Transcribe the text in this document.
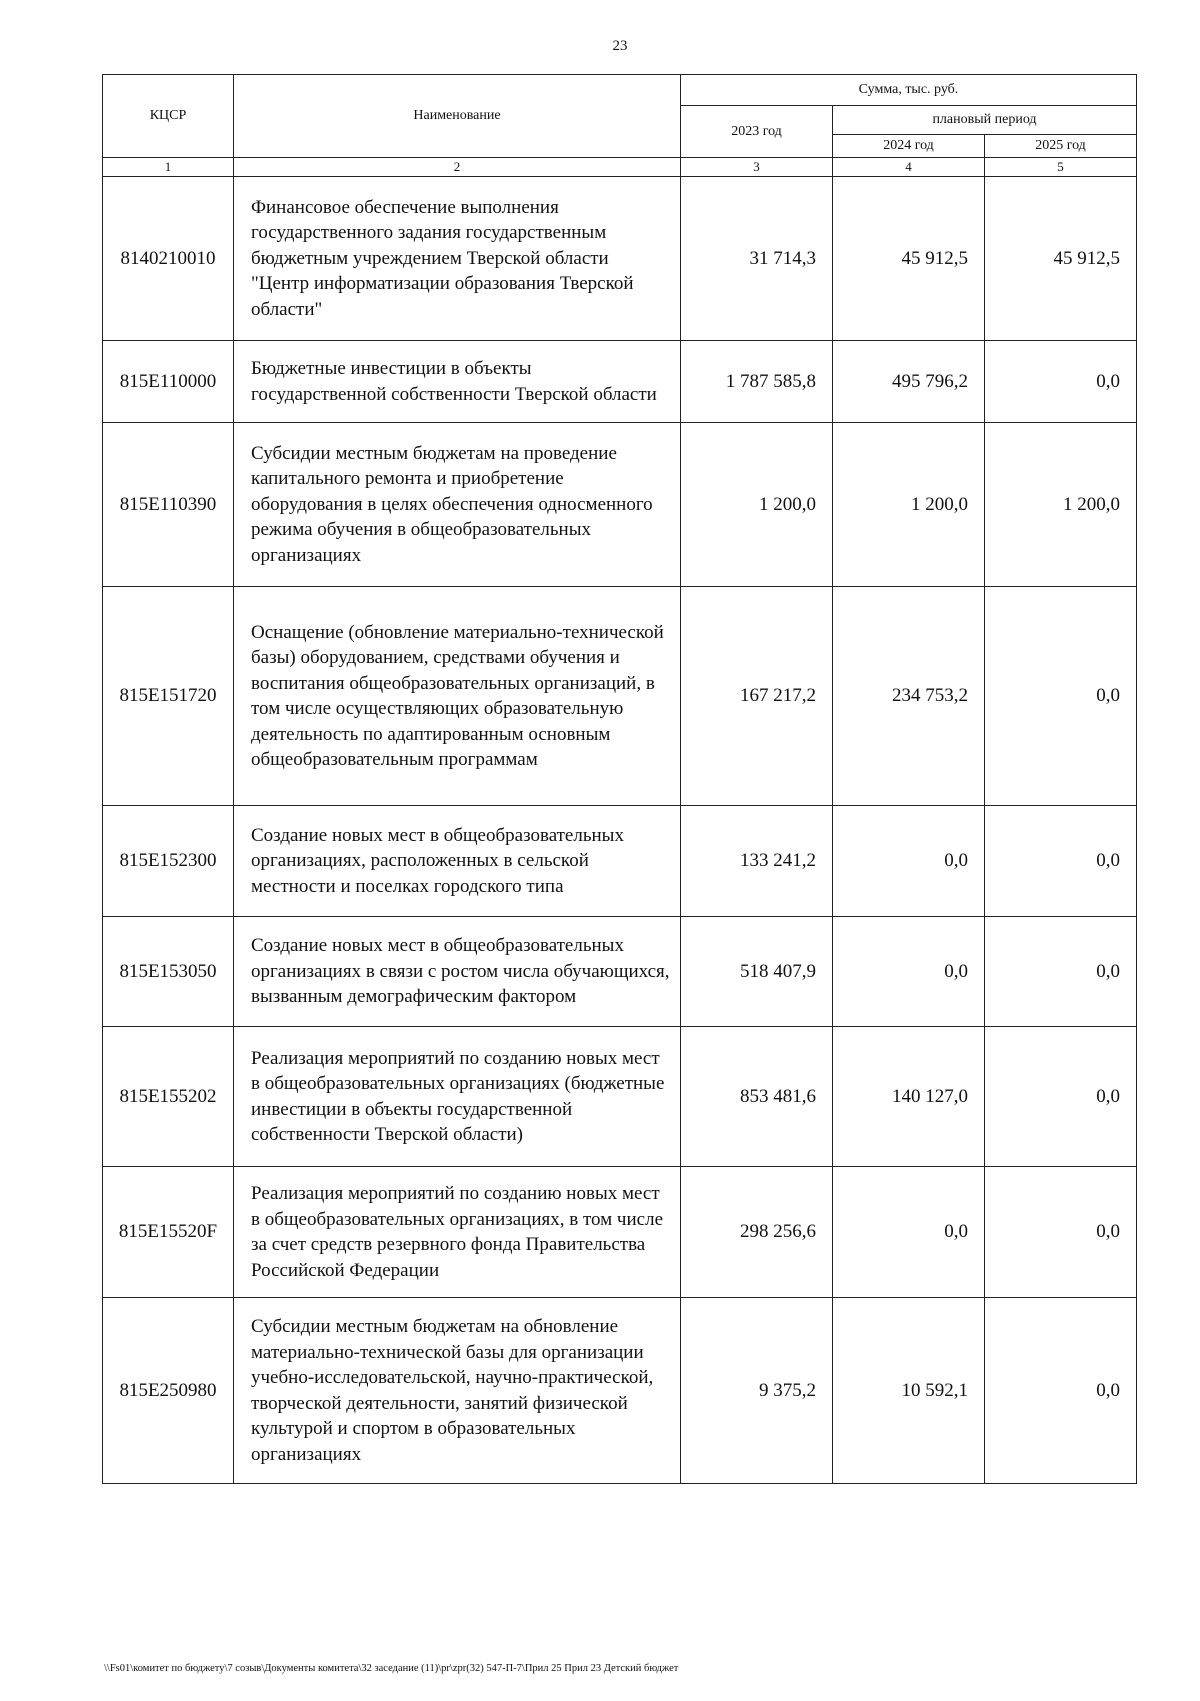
23
КЦСР	Наименование	Сумма, тыс. руб.		
		2023 год	плановый период	
			2024 год	2025 год
1	2	3	4	5
8140210010	Финансовое обеспечение выполнения государственного задания государственным бюджетным учреждением Тверской области "Центр информатизации образования Тверской области"	31 714,3	45 912,5	45 912,5
815E110000	Бюджетные инвестиции в объекты государственной собственности Тверской области	1 787 585,8	495 796,2	0,0
815E110390	Субсидии местным бюджетам на проведение капитального ремонта и приобретение оборудования в целях обеспечения односменного режима обучения в общеобразовательных организациях	1 200,0	1 200,0	1 200,0
815E151720	Оснащение (обновление материально-технической базы) оборудованием, средствами обучения и воспитания общеобразовательных организаций, в том числе осуществляющих образовательную деятельность по адаптированным основным общеобразовательным программам	167 217,2	234 753,2	0,0
815E152300	Создание новых мест в общеобразовательных организациях, расположенных в сельской местности и поселках городского типа	133 241,2	0,0	0,0
815E153050	Создание новых мест в общеобразовательных организациях в связи с ростом числа обучающихся, вызванным демографическим фактором	518 407,9	0,0	0,0
815E155202	Реализация мероприятий по созданию новых мест в общеобразовательных организациях (бюджетные инвестиции в объекты государственной собственности Тверской области)	853 481,6	140 127,0	0,0
815E15520F	Реализация мероприятий по созданию новых мест в общеобразовательных организациях, в том числе за счет средств резервного фонда Правительства Российской Федерации	298 256,6	0,0	0,0
815E250980	Субсидии местным бюджетам на обновление материально-технической базы для организации учебно-исследовательской, научно-практической, творческой деятельности, занятий физической культурой и спортом в образовательных организациях	9 375,2	10 592,1	0,0
\\Fs01\комитет по бюджету\7 созыв\Документы комитета\32 заседание (11)\pr\zpr(32) 547-П-7\Прил 25 Прил 23 Детский бюджет
